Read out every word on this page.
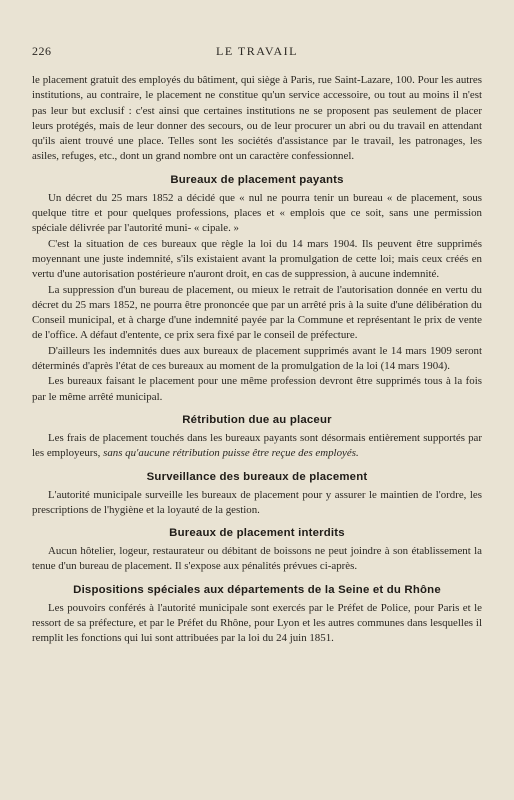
226	LE TRAVAIL

le placement gratuit des employés du bâtiment, qui siège à Paris, rue Saint-Lazare, 100. Pour les autres institutions, au contraire, le placement ne constitue qu'un service accessoire, ou tout au moins il n'est pas leur but exclusif : c'est ainsi que certaines institutions ne se proposent pas seulement de placer leurs protégés, mais de leur donner des secours, ou de leur procurer un abri ou du travail en attendant qu'ils aient trouvé une place. Telles sont les sociétés d'assistance par le travail, les patronages, les asiles, refuges, etc., dont un grand nombre ont un caractère confessionnel.

Bureaux de placement payants

Un décret du 25 mars 1852 a décidé que « nul ne pourra tenir un bureau « de placement, sous quelque titre et pour quelques professions, places et « emplois que ce soit, sans une permission spéciale délivrée par l'autorité muni- « cipale. »

C'est la situation de ces bureaux que règle la loi du 14 mars 1904. Ils peuvent être supprimés moyennant une juste indemnité, s'ils existaient avant la promulgation de cette loi; mais ceux créés en vertu d'une autorisation postérieure n'auront droit, en cas de suppression, à aucune indemnité.

La suppression d'un bureau de placement, ou mieux le retrait de l'autorisation donnée en vertu du décret du 25 mars 1852, ne pourra être prononcée que par un arrêté pris à la suite d'une délibération du Conseil municipal, et à charge d'une indemnité payée par la Commune et représentant le prix de vente de l'office. A défaut d'entente, ce prix sera fixé par le conseil de préfecture.

D'ailleurs les indemnités dues aux bureaux de placement supprimés avant le 14 mars 1909 seront déterminés d'après l'état de ces bureaux au moment de la promulgation de la loi (14 mars 1904).

Les bureaux faisant le placement pour une même profession devront être supprimés tous à la fois par le même arrêté municipal.

Rétribution due au placeur

Les frais de placement touchés dans les bureaux payants sont désormais entièrement supportés par les employeurs, sans qu'aucune rétribution puisse être reçue des employés.

Surveillance des bureaux de placement

L'autorité municipale surveille les bureaux de placement pour y assurer le maintien de l'ordre, les prescriptions de l'hygiène et la loyauté de la gestion.

Bureaux de placement interdits

Aucun hôtelier, logeur, restaurateur ou débitant de boissons ne peut joindre à son établissement la tenue d'un bureau de placement. Il s'expose aux pénalités prévues ci-après.

Dispositions spéciales aux départements de la Seine et du Rhône

Les pouvoirs conférés à l'autorité municipale sont exercés par le Préfet de Police, pour Paris et le ressort de sa préfecture, et par le Préfet du Rhône, pour Lyon et les autres communes dans lesquelles il remplit les fonctions qui lui sont attribuées par la loi du 24 juin 1851.
